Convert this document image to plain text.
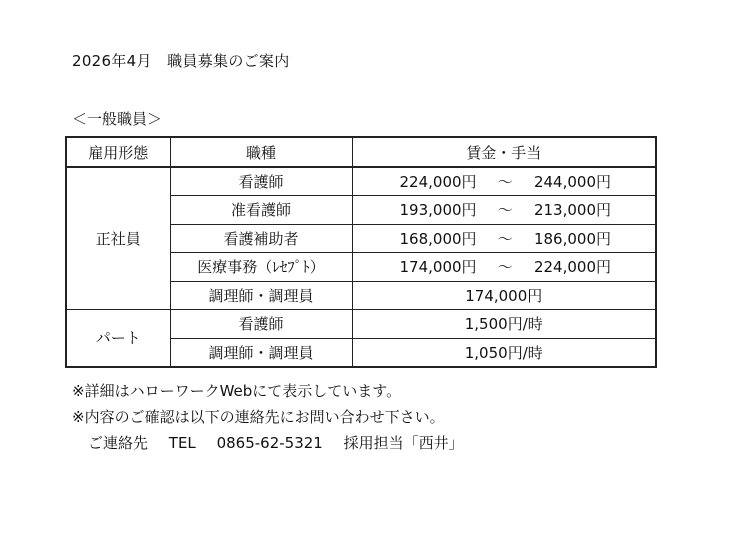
2026年4月　職員募集のご案内
＜一般職員＞
雇用形態	職種	賃金・手当
正社員	看護師	224,000円 ～ 244,000円

	准看護師	193,000円 ～ 213,000円

	看護補助者	168,000円 ～ 186,000円

	医療事務（ﾚｾﾌﾟﾄ）	174,000円 ～ 224,000円

	調理師・調理員	174,000円
パート	看護師	1,500円/時
	調理師・調理員	1,050円/時
※詳細はハローワークWebにて表示しています。
※内容のご確認は以下の連絡先にお問い合わせ下さい。
ご連絡先 TEL 0865-62-5321 採用担当「西井」
